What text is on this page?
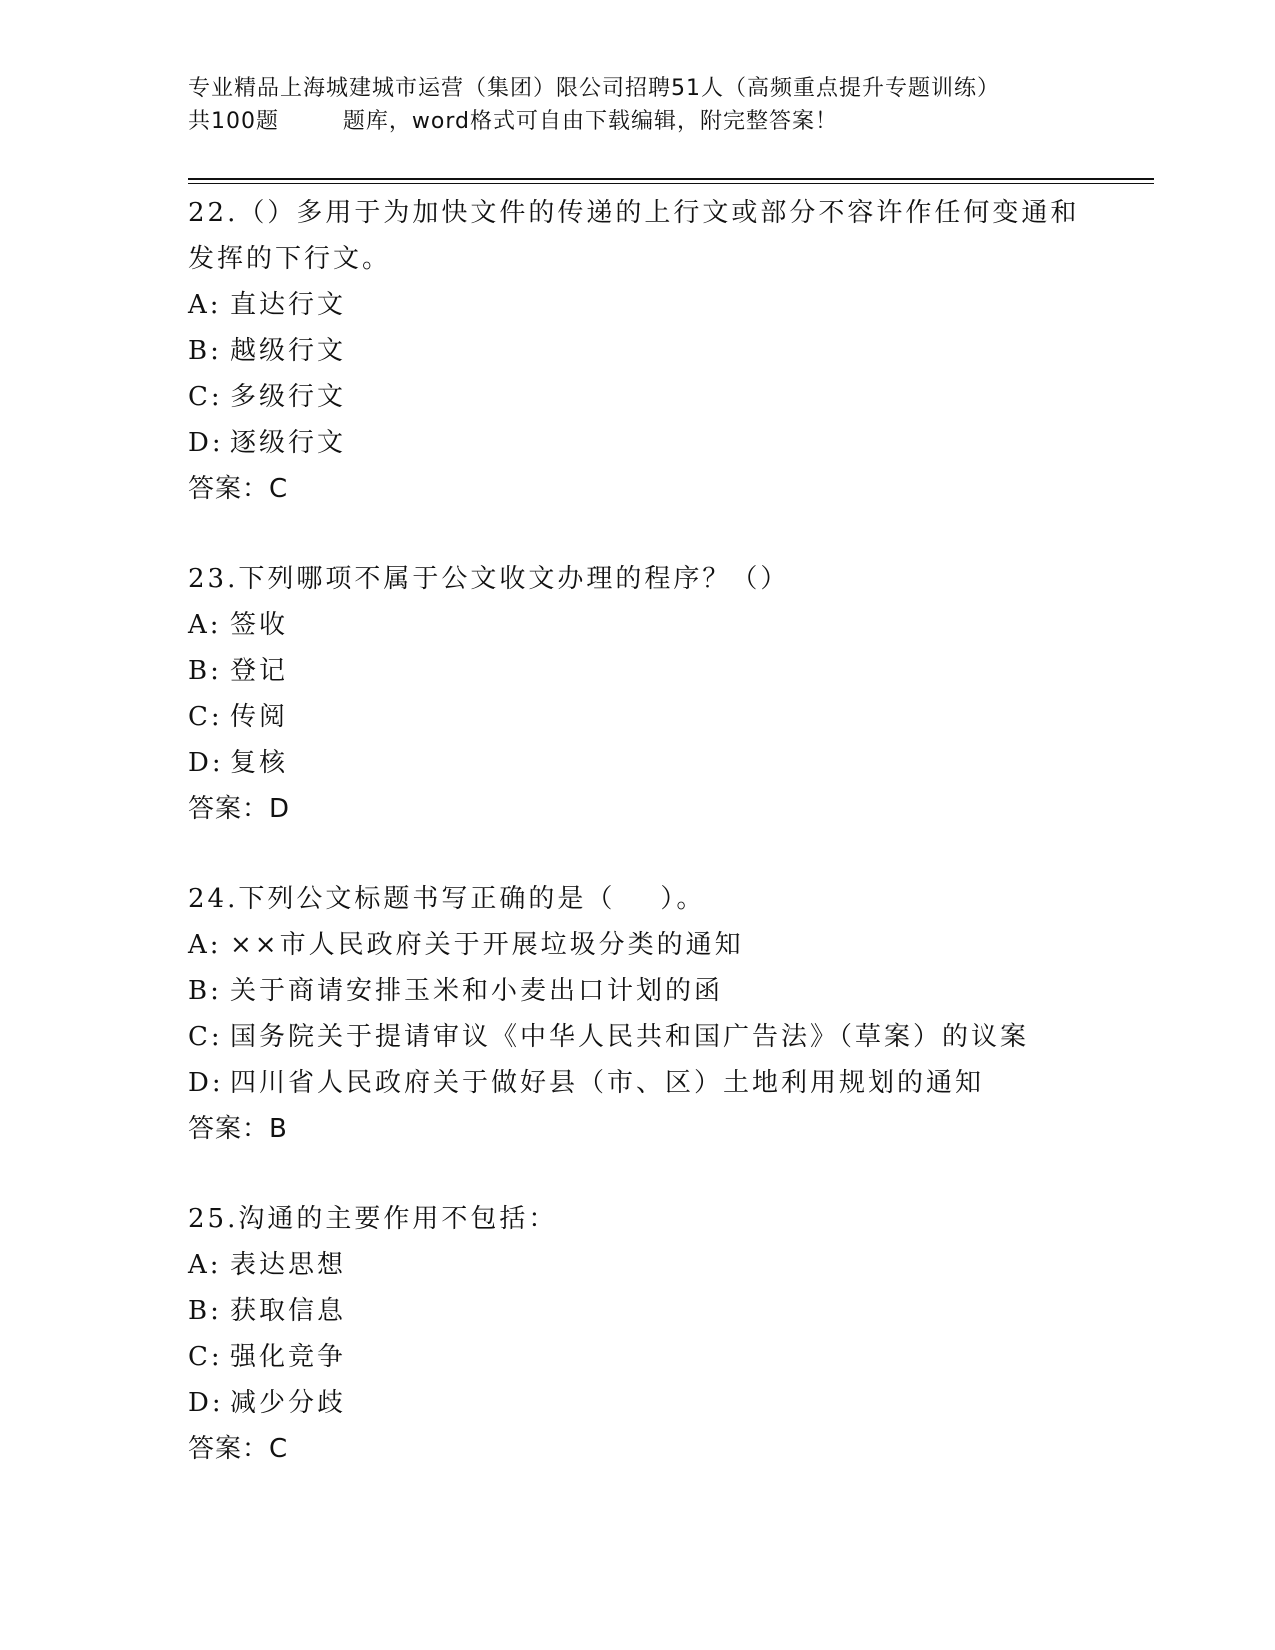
专业精品上海城建城市运营（集团）限公司招聘51人（高频重点提升专题训练）
共100题        题库，word格式可自由下载编辑，附完整答案！
22.（）多用于为加快文件的传递的上行文或部分不容许作任何变通和发挥的下行文。
A: 直达行文
B: 越级行文
C: 多级行文
D: 逐级行文
答案：C
23.下列哪项不属于公文收文办理的程序？（）
A: 签收
B: 登记
C: 传阅
D: 复核
答案：D
24.下列公文标题书写正确的是（    ）。
A: ××市人民政府关于开展垃圾分类的通知
B: 关于商请安排玉米和小麦出口计划的函
C: 国务院关于提请审议《中华人民共和国广告法》（草案）的议案
D: 四川省人民政府关于做好县（市、区）土地利用规划的通知
答案：B
25.沟通的主要作用不包括：
A: 表达思想
B: 获取信息
C: 强化竞争
D: 减少分歧
答案：C
